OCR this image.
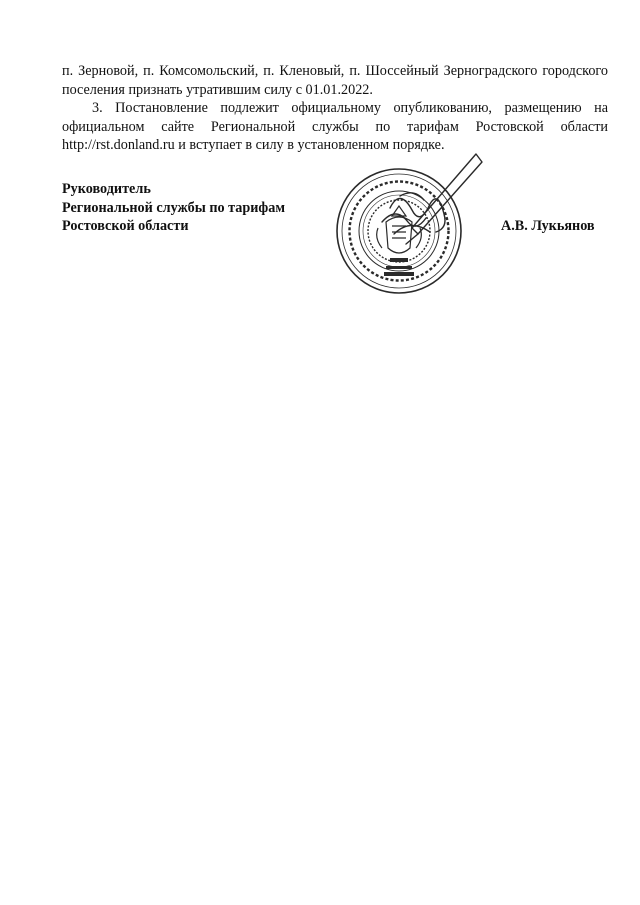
п. Зерновой, п. Комсомольский, п. Кленовый, п. Шоссейный Зерноградского городского поселения признать утратившим силу с 01.01.2022.

3. Постановление подлежит официальному опубликованию, размещению на официальном сайте Региональной службы по тарифам Ростовской области http://rst.donland.ru и вступает в силу в установленном порядке.

Руководитель
Региональной службы по тарифам
Ростовской области	А.В. Лукьянов
